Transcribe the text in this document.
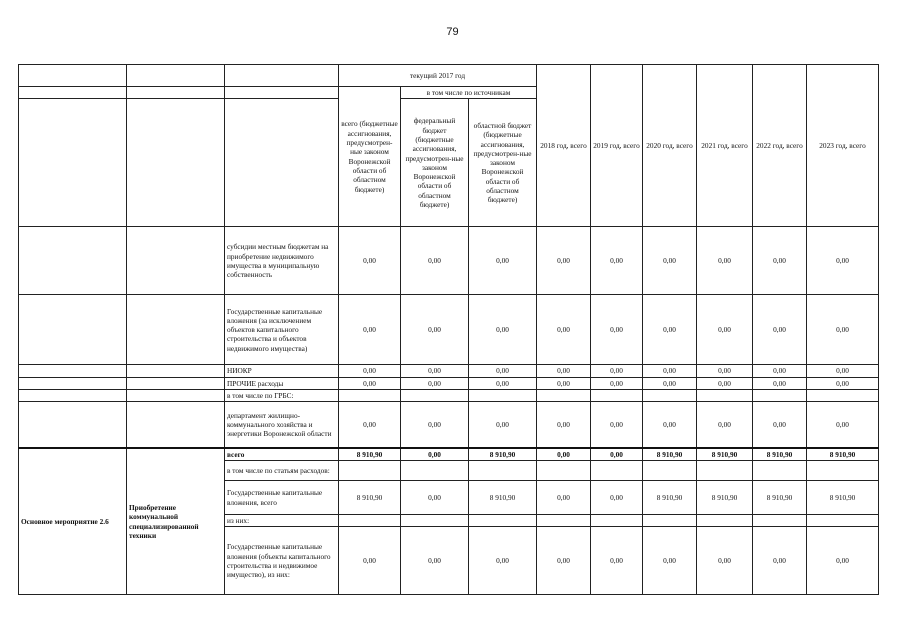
79
			текущий 2017 год			2018 год, всего	2019 год, всего	2020 год, всего	2021 год, всего	2022 год, всего	2023 год, всего
			всего (бюджетные ассигнования, предусмотрен-ные законом Воронежской области об областном бюджете)	в том числе по источникам							
				федеральный бюджет (бюджетные ассигнования, предусмотрен-ные законом Воронежской области об областном бюджете)	областной бюджет (бюджетные ассигнования, предусмотрен-ные законом Воронежской области об областном бюджете)						
		субсидии местным бюджетам на приобретение недвижимого имущества в муниципальную собственность	0,00	0,00	0,00	0,00	0,00	0,00	0,00	0,00	0,00
		Государственные капитальные вложения (за исключением объектов капитального строительства и объектов недвижимого имущества)	0,00	0,00	0,00	0,00	0,00	0,00	0,00	0,00	0,00
		НИОКР	0,00	0,00	0,00	0,00	0,00	0,00	0,00	0,00	0,00
		ПРОЧИЕ расходы	0,00	0,00	0,00	0,00	0,00	0,00	0,00	0,00	0,00
		в том числе по ГРБС:									
		департамент жилищно-коммунального хозяйства и энергетики Воронежской области	0,00	0,00	0,00	0,00	0,00	0,00	0,00	0,00	0,00
Основное мероприятие 2.6	Приобретение коммунальной специализированной техники	всего	8 910,90	0,00	8 910,90	0,00	0,00	8 910,90	8 910,90	8 910,90	8 910,90
		в том числе по статьям расходов:									
		Государственные капитальные вложения, всего	8 910,90	0,00	8 910,90	0,00	0,00	8 910,90	8 910,90	8 910,90	8 910,90
		из них:									
		Государственные капитальные вложения (объекты капитального строительства и недвижимое имущество), из них:	0,00	0,00	0,00	0,00	0,00	0,00	0,00	0,00	0,00
